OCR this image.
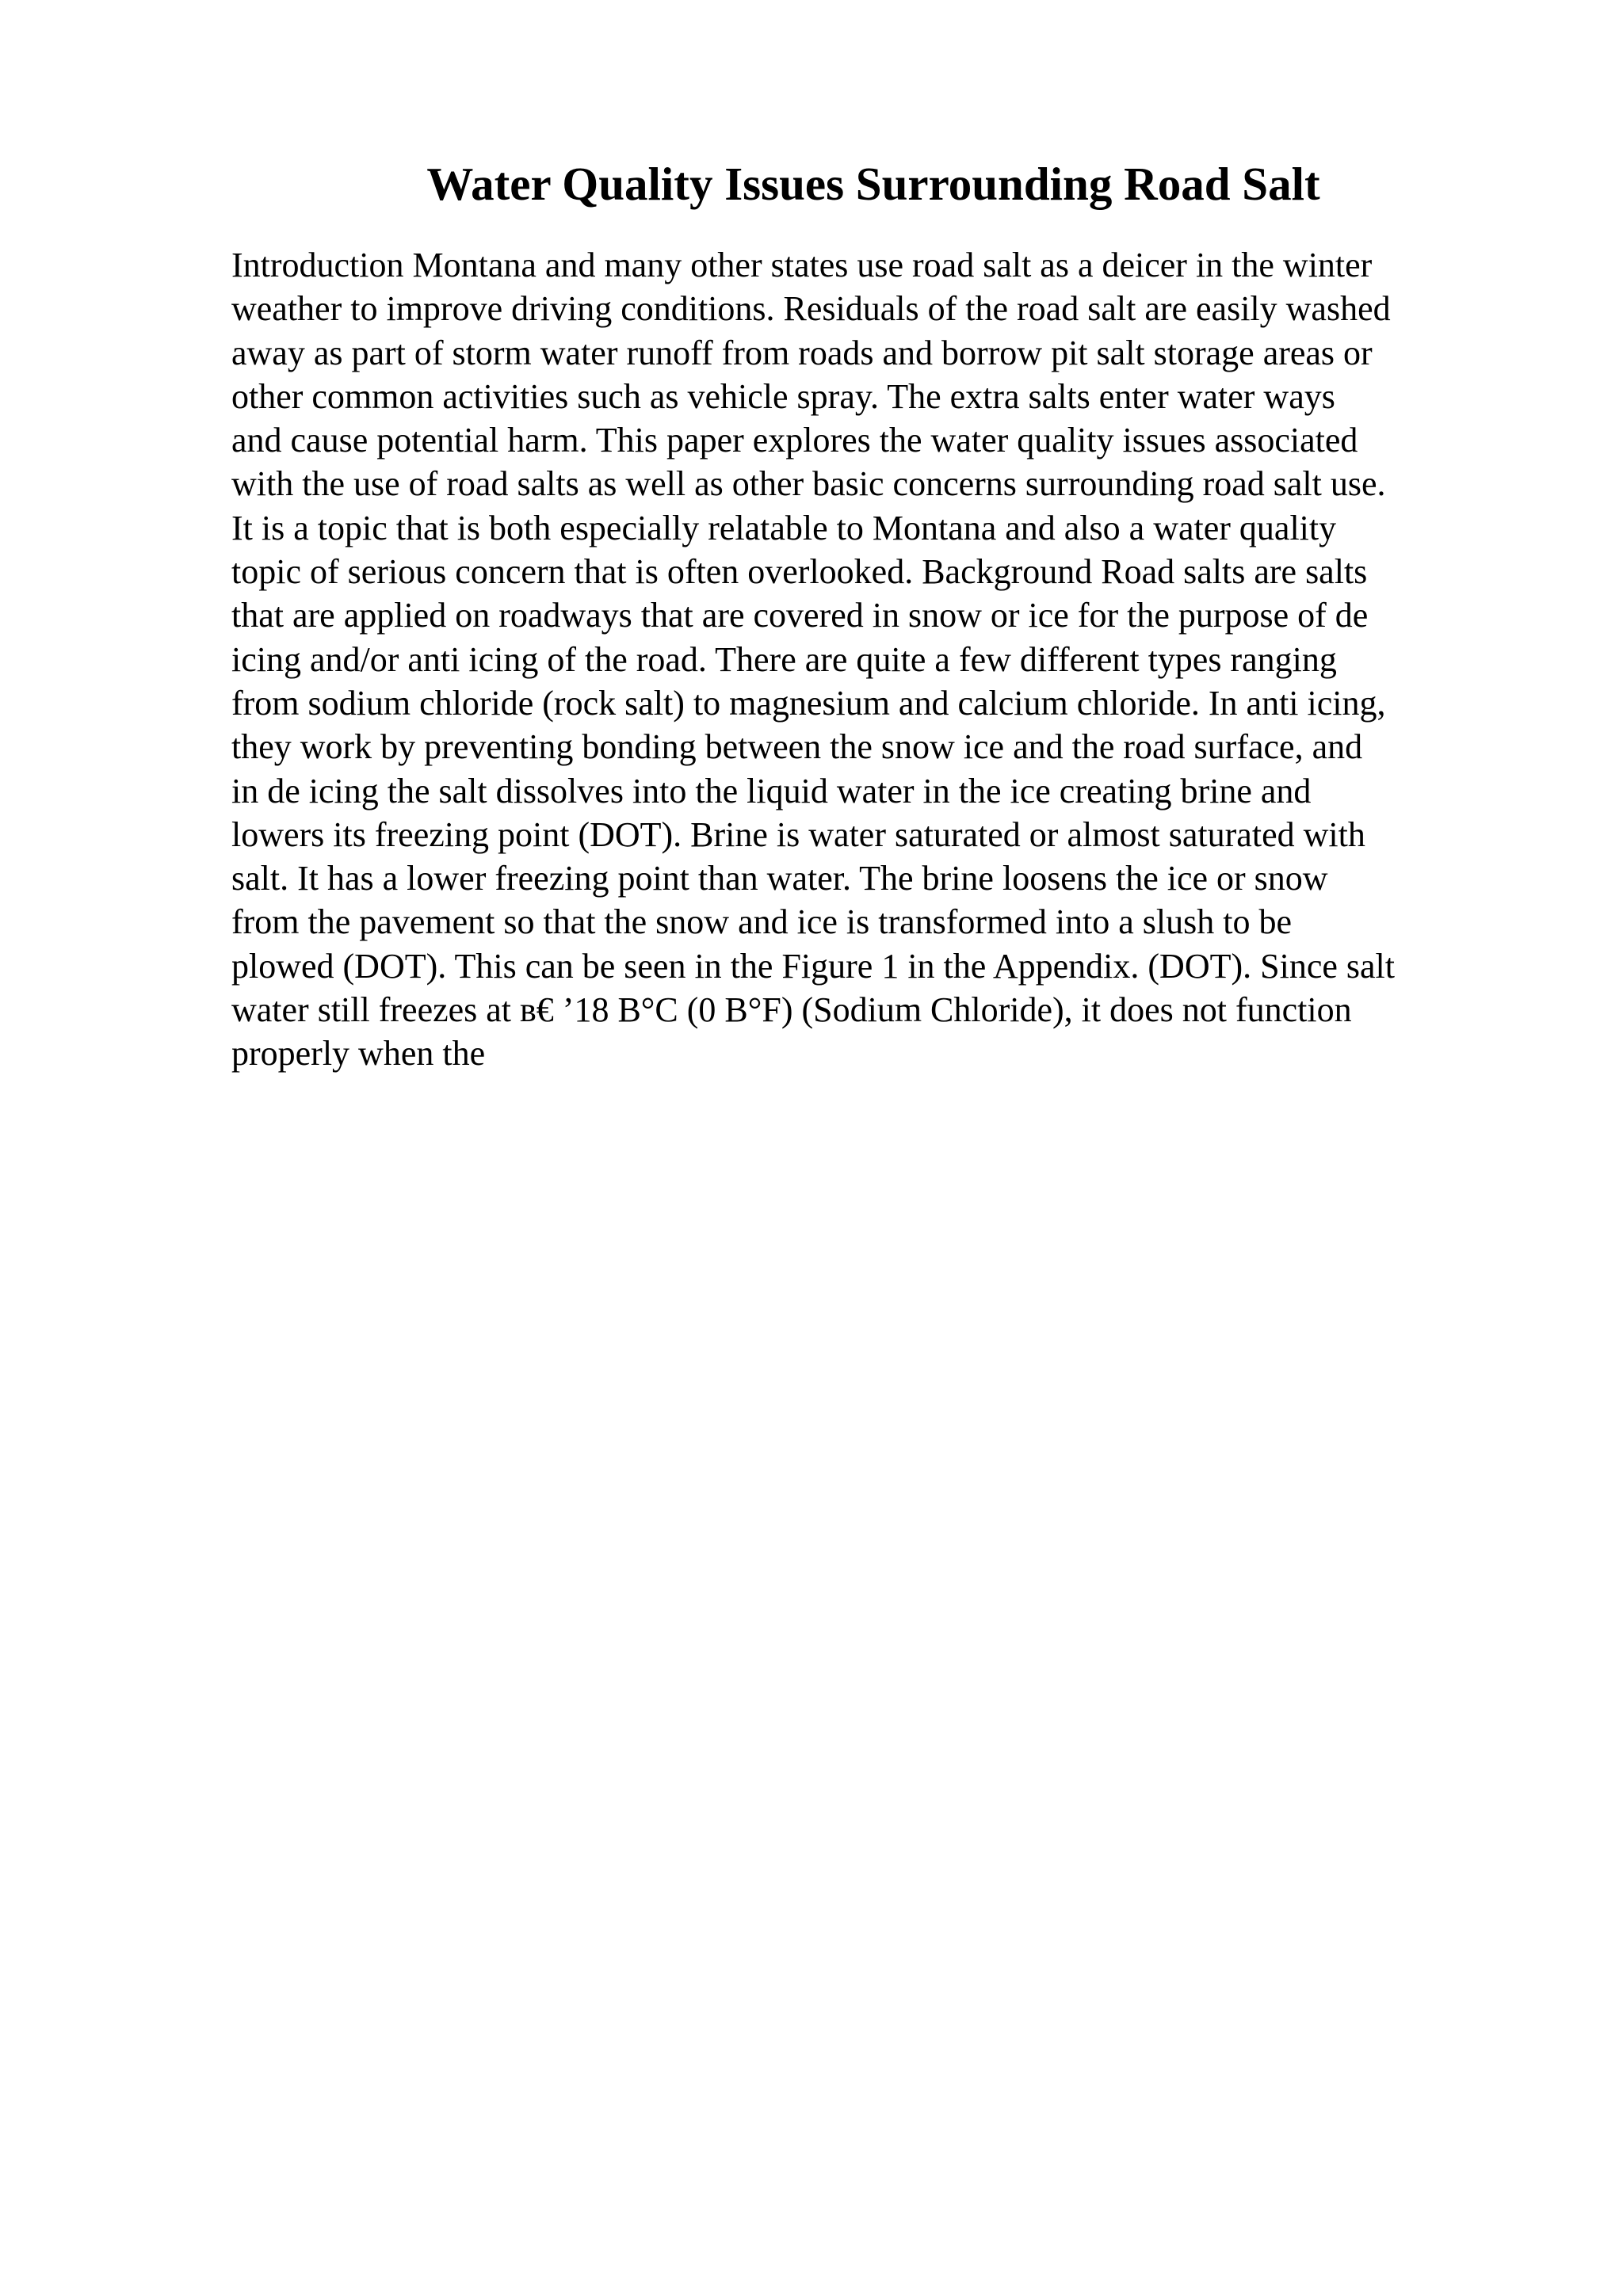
Water Quality Issues Surrounding Road Salt
Introduction Montana and many other states use road salt as a deicer in the winter
weather to improve driving conditions. Residuals of the road salt are easily washed
away as part of storm water runoff from roads and borrow pit salt storage areas or
other common activities such as vehicle spray. The extra salts enter water ways
and cause potential harm. This paper explores the water quality issues associated
with the use of road salts as well as other basic concerns surrounding road salt use.
It is a topic that is both especially relatable to Montana and also a water quality
topic of serious concern that is often overlooked. Background Road salts are salts
that are applied on roadways that are covered in snow or ice for the purpose of de
icing and/or anti icing of the road. There are quite a few different types ranging
from sodium chloride (rock salt) to magnesium and calcium chloride. In anti icing,
they work by preventing bonding between the snow ice and the road surface, and
in de icing the salt dissolves into the liquid water in the ice creating brine and
lowers its freezing point (DOT). Brine is water saturated or almost saturated with
salt. It has a lower freezing point than water. The brine loosens the ice or snow
from the pavement so that the snow and ice is transformed into a slush to be
plowed (DOT). This can be seen in the Figure 1 in the Appendix. (DOT). Since salt
water still freezes at в€ ’18 В°C (0 В°F) (Sodium Chloride), it does not function
properly when the
